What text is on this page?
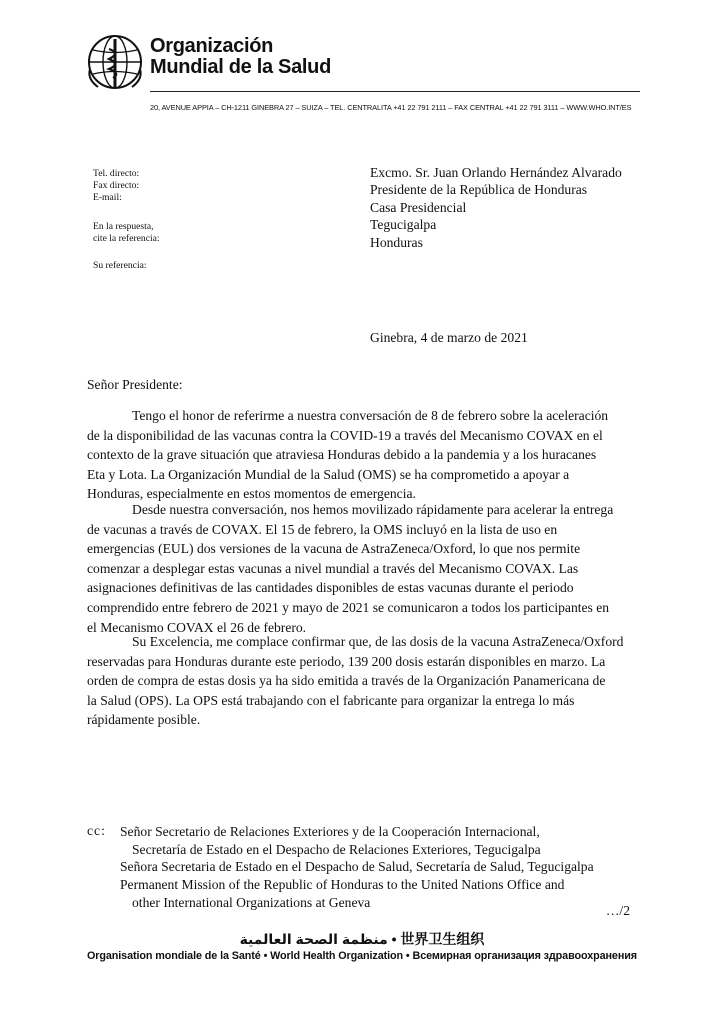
Organización
Mundial de la Salud
20, AVENUE APPIA – CH-1211 GINEBRA 27 – SUIZA – TEL. CENTRALITA +41 22 791 2111 – FAX CENTRAL +41 22 791 3111 – WWW.WHO.INT/ES
Tel. directo:
Fax directo:
E-mail:
En la respuesta,
cite la referencia:
Su referencia:
Excmo. Sr. Juan Orlando Hernández Alvarado
Presidente de la República de Honduras
Casa Presidencial
Tegucigalpa
Honduras
Ginebra, 4 de marzo de 2021
Señor Presidente:
Tengo el honor de referirme a nuestra conversación de 8 de febrero sobre la aceleración
de la disponibilidad de las vacunas contra la COVID-19 a través del Mecanismo COVAX en el
contexto de la grave situación que atraviesa Honduras debido a la pandemia y a los huracanes
Eta y Lota. La Organización Mundial de la Salud (OMS) se ha comprometido a apoyar a
Honduras, especialmente en estos momentos de emergencia.
Desde nuestra conversación, nos hemos movilizado rápidamente para acelerar la entrega
de vacunas a través de COVAX. El 15 de febrero, la OMS incluyó en la lista de uso en
emergencias (EUL) dos versiones de la vacuna de AstraZeneca/Oxford, lo que nos permite
comenzar a desplegar estas vacunas a nivel mundial a través del Mecanismo COVAX. Las
asignaciones definitivas de las cantidades disponibles de estas vacunas durante el periodo
comprendido entre febrero de 2021 y mayo de 2021 se comunicaron a todos los participantes en
el Mecanismo COVAX el 26 de febrero.
Su Excelencia, me complace confirmar que, de las dosis de la vacuna AstraZeneca/Oxford
reservadas para Honduras durante este periodo, 139 200 dosis estarán disponibles en marzo. La
orden de compra de estas dosis ya ha sido emitida a través de la Organización Panamericana de
la Salud (OPS). La OPS está trabajando con el fabricante para organizar la entrega lo más
rápidamente posible.
cc: Señor Secretario de Relaciones Exteriores y de la Cooperación Internacional,
Secretaría de Estado en el Despacho de Relaciones Exteriores, Tegucigalpa
Señora Secretaria de Estado en el Despacho de Salud, Secretaría de Salud, Tegucigalpa
Permanent Mission of the Republic of Honduras to the United Nations Office and
other International Organizations at Geneva
…/2
منظمة الصحة العالمية • 世界卫生组织
Organisation mondiale de la Santé • World Health Organization • Всемирная организация здравоохранения
